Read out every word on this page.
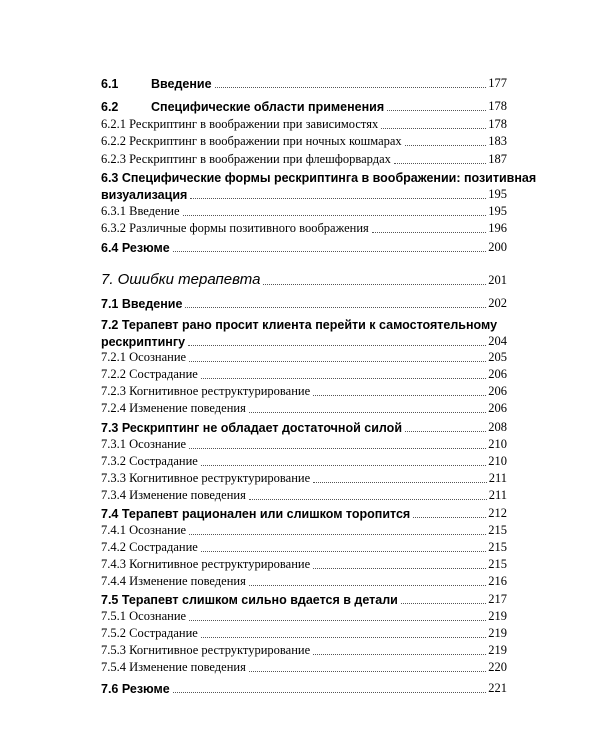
6.1	Введение	177
6.2	Специфические области применения	178
6.2.1 Рескриптинг в воображении при зависимостях	178
6.2.2 Рескриптинг в воображении при ночных кошмарах	183
6.2.3 Рескриптинг в воображении при флешфорвардах	187
6.3 Специфические формы рескриптинга в воображении: позитивная
визуализация	195
6.3.1 Введение	195
6.3.2 Различные формы позитивного воображения	196
6.4 Резюме	200
7. Ошибки терапевта	201
7.1 Введение	202
7.2 Терапевт рано просит клиента перейти к самостоятельному
рескриптингу	204
7.2.1 Осознание	205
7.2.2 Сострадание	206
7.2.3 Когнитивное реструктурирование	206
7.2.4 Изменение поведения	206
7.3 Рескриптинг не обладает достаточной силой	208
7.3.1 Осознание	210
7.3.2 Сострадание	210
7.3.3 Когнитивное реструктурирование	211
7.3.4 Изменение поведения	211
7.4 Терапевт рационален или слишком торопится	212
7.4.1 Осознание	215
7.4.2 Сострадание	215
7.4.3 Когнитивное реструктурирование	215
7.4.4 Изменение поведения	216
7.5 Терапевт слишком сильно вдается в детали	217
7.5.1 Осознание	219
7.5.2 Сострадание	219
7.5.3 Когнитивное реструктурирование	219
7.5.4 Изменение поведения	220
7.6 Резюме	221
